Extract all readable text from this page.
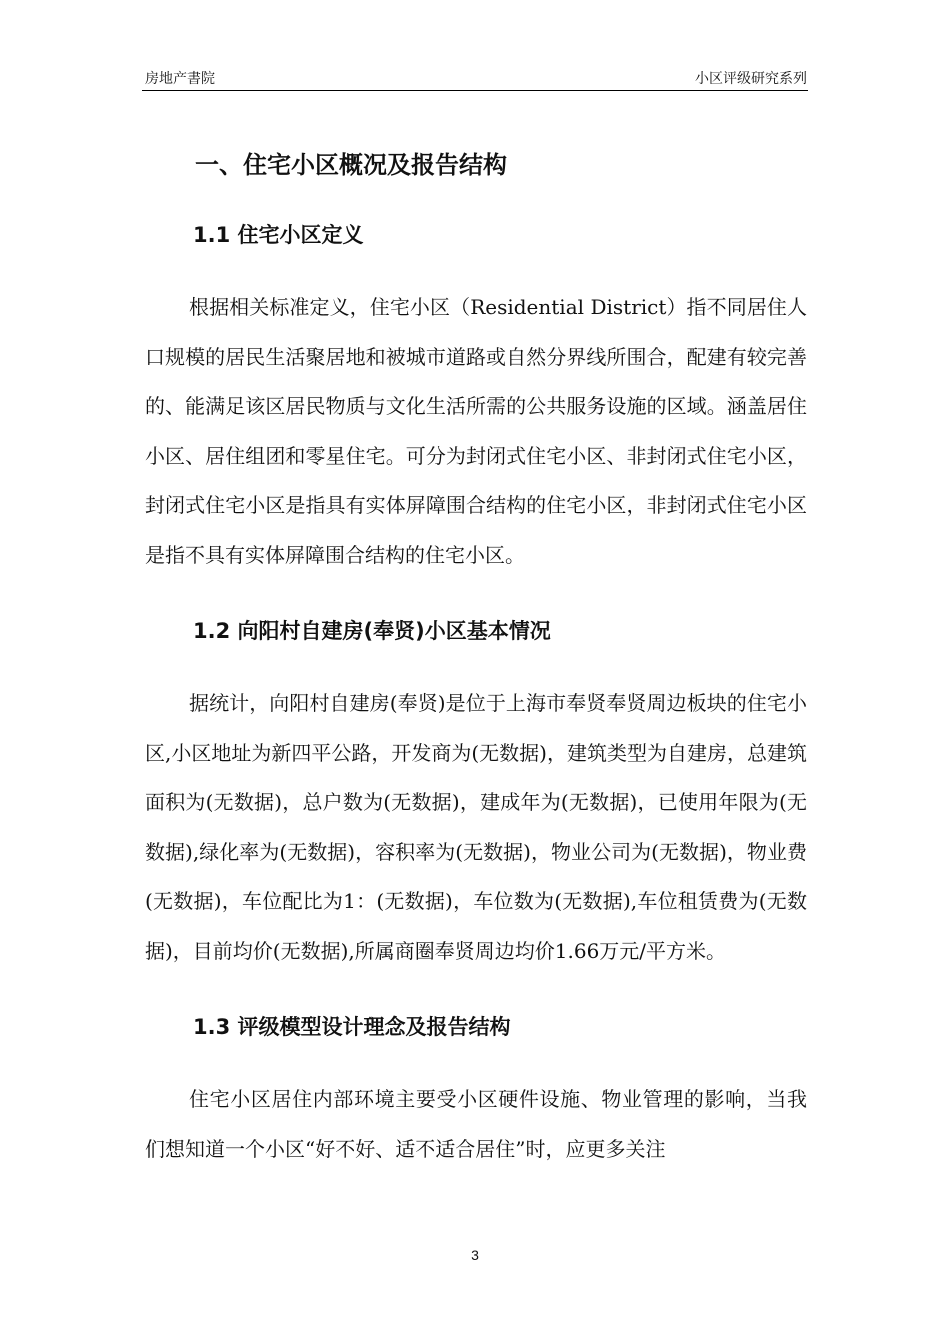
房地产書院	小区评级研究系列
一、住宅小区概况及报告结构
1.1 住宅小区定义

根据相关标准定义，住宅小区（Residential District）指不同居住人口规模的居民生活聚居地和被城市道路或自然分界线所围合，配建有较完善的、能满足该区居民物质与文化生活所需的公共服务设施的区域。涵盖居住小区、居住组团和零星住宅。可分为封闭式住宅小区、非封闭式住宅小区，封闭式住宅小区是指具有实体屏障围合结构的住宅小区，非封闭式住宅小区是指不具有实体屏障围合结构的住宅小区。

1.2 向阳村自建房(奉贤)小区基本情况

据统计，向阳村自建房(奉贤)是位于上海市奉贤奉贤周边板块的住宅小区,小区地址为新四平公路，开发商为(无数据)，建筑类型为自建房，总建筑面积为(无数据)，总户数为(无数据)，建成年为(无数据)，已使用年限为(无数据),绿化率为(无数据)，容积率为(无数据)，物业公司为(无数据)，物业费(无数据)，车位配比为1：(无数据)，车位数为(无数据),车位租赁费为(无数据)，目前均价(无数据),所属商圈奉贤周边均价1.66万元/平方米。

1.3 评级模型设计理念及报告结构

住宅小区居住内部环境主要受小区硬件设施、物业管理的影响，当我们想知道一个小区“好不好、适不适合居住”时，应更多关注

3
